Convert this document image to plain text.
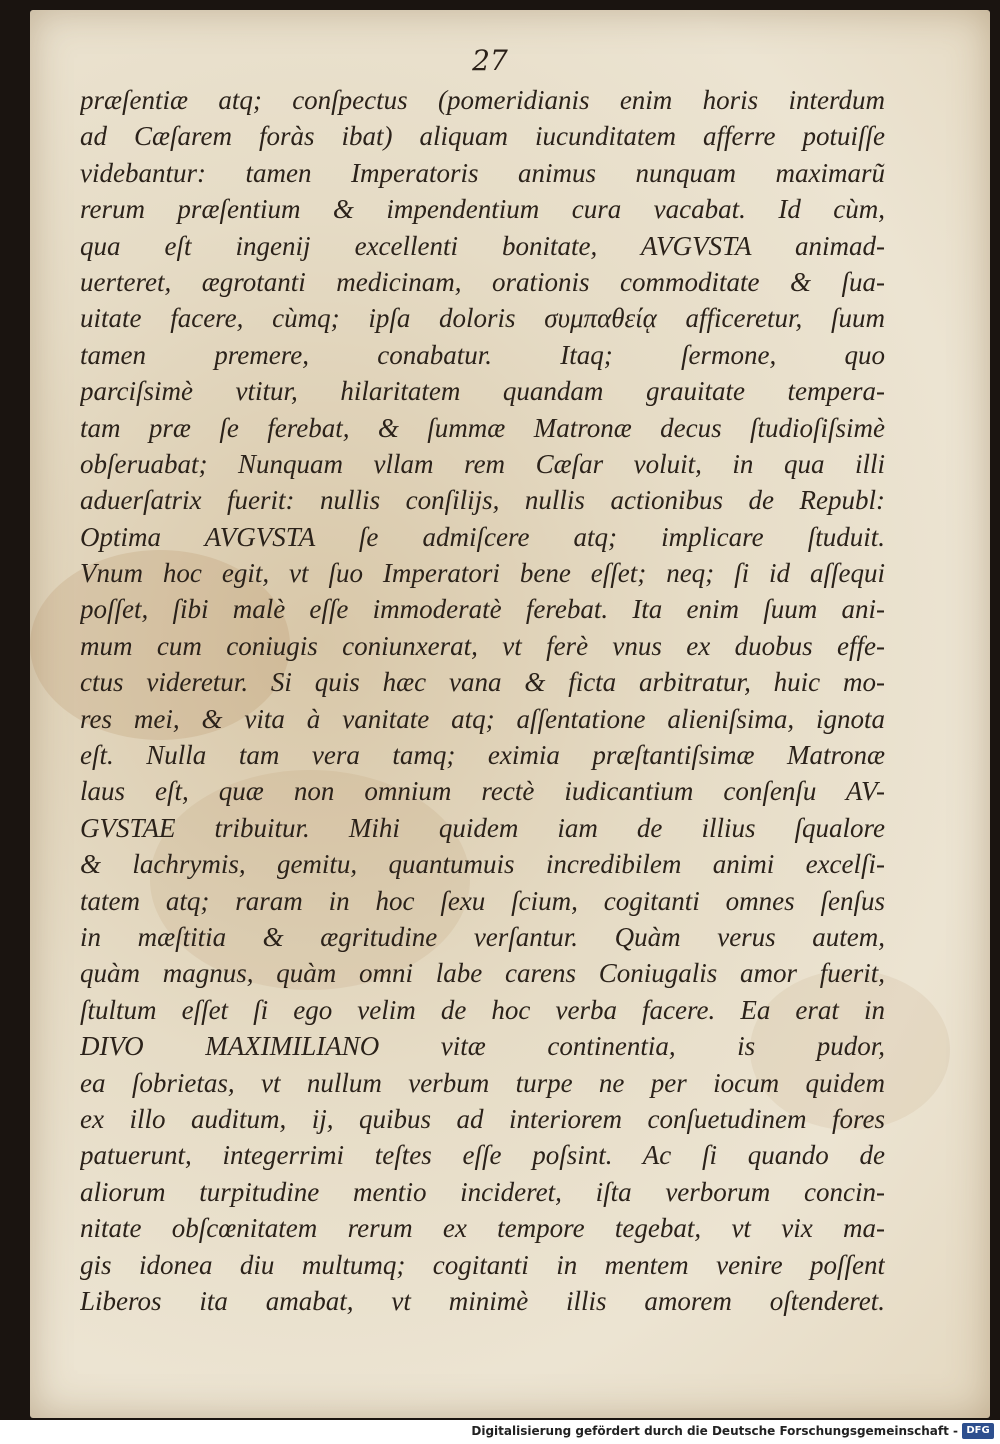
27
præſentiæ atq; conſpectus (pomeridianis enim horis interdum
ad Cæſarem foràs ibat) aliquam iucunditatem afferre potuiſſe
videbantur: tamen Imperatoris animus nunquam maximarũ
rerum præſentium & impendentium cura vacabat. Id cùm,
qua eſt ingenij excellenti bonitate, AVGVSTA animad-
uerteret, ægrotanti medicinam, orationis commoditate & ſua-
uitate facere, cùmq; ipſa doloris συμπαθείᾳ afficeretur, ſuum
tamen premere, conabatur. Itaq; ſermone, quo
parciſsimè vtitur, hilaritatem quandam grauitate tempera-
tam præ ſe ferebat, & ſummæ Matronæ decus ſtudioſiſsimè
obſeruabat; Nunquam vllam rem Cæſar voluit, in qua illi
aduerſatrix fuerit: nullis conſilijs, nullis actionibus de Republ:
Optima AVGVSTA ſe admiſcere atq; implicare ſtuduit.
Vnum hoc egit, vt ſuo Imperatori bene eſſet; neq; ſi id aſſequi
poſſet, ſibi malè eſſe immoderatè ferebat. Ita enim ſuum ani-
mum cum coniugis coniunxerat, vt ferè vnus ex duobus effe-
ctus videretur. Si quis hæc vana & ficta arbitratur, huic mo-
res mei, & vita à vanitate atq; aſſentatione alieniſsima, ignota
eſt. Nulla tam vera tamq; eximia præſtantiſsimæ Matronæ
laus eſt, quæ non omnium rectè iudicantium conſenſu AV-
GVSTAE tribuitur. Mihi quidem iam de illius ſqualore
& lachrymis, gemitu, quantumuis incredibilem animi excelſi-
tatem atq; raram in hoc ſexu ſcium, cogitanti omnes ſenſus
in mæſtitia & ægritudine verſantur. Quàm verus autem,
quàm magnus, quàm omni labe carens Coniugalis amor fuerit,
ſtultum eſſet ſi ego velim de hoc verba facere. Ea erat in
DIVO MAXIMILIANO vitæ continentia, is pudor,
ea ſobrietas, vt nullum verbum turpe ne per iocum quidem
ex illo auditum, ij, quibus ad interiorem conſuetudinem fores
patuerunt, integerrimi teſtes eſſe poſsint. Ac ſi quando de
aliorum turpitudine mentio incideret, iſta verborum concin-
nitate obſcœnitatem rerum ex tempore tegebat, vt vix ma-
gis idonea diu multumq; cogitanti in mentem venire poſſent
Liberos ita amabat, vt minimè illis amorem oſtenderet.
Digitalisierung gefördert durch die Deutsche Forschungsgemeinschaft - DFG
